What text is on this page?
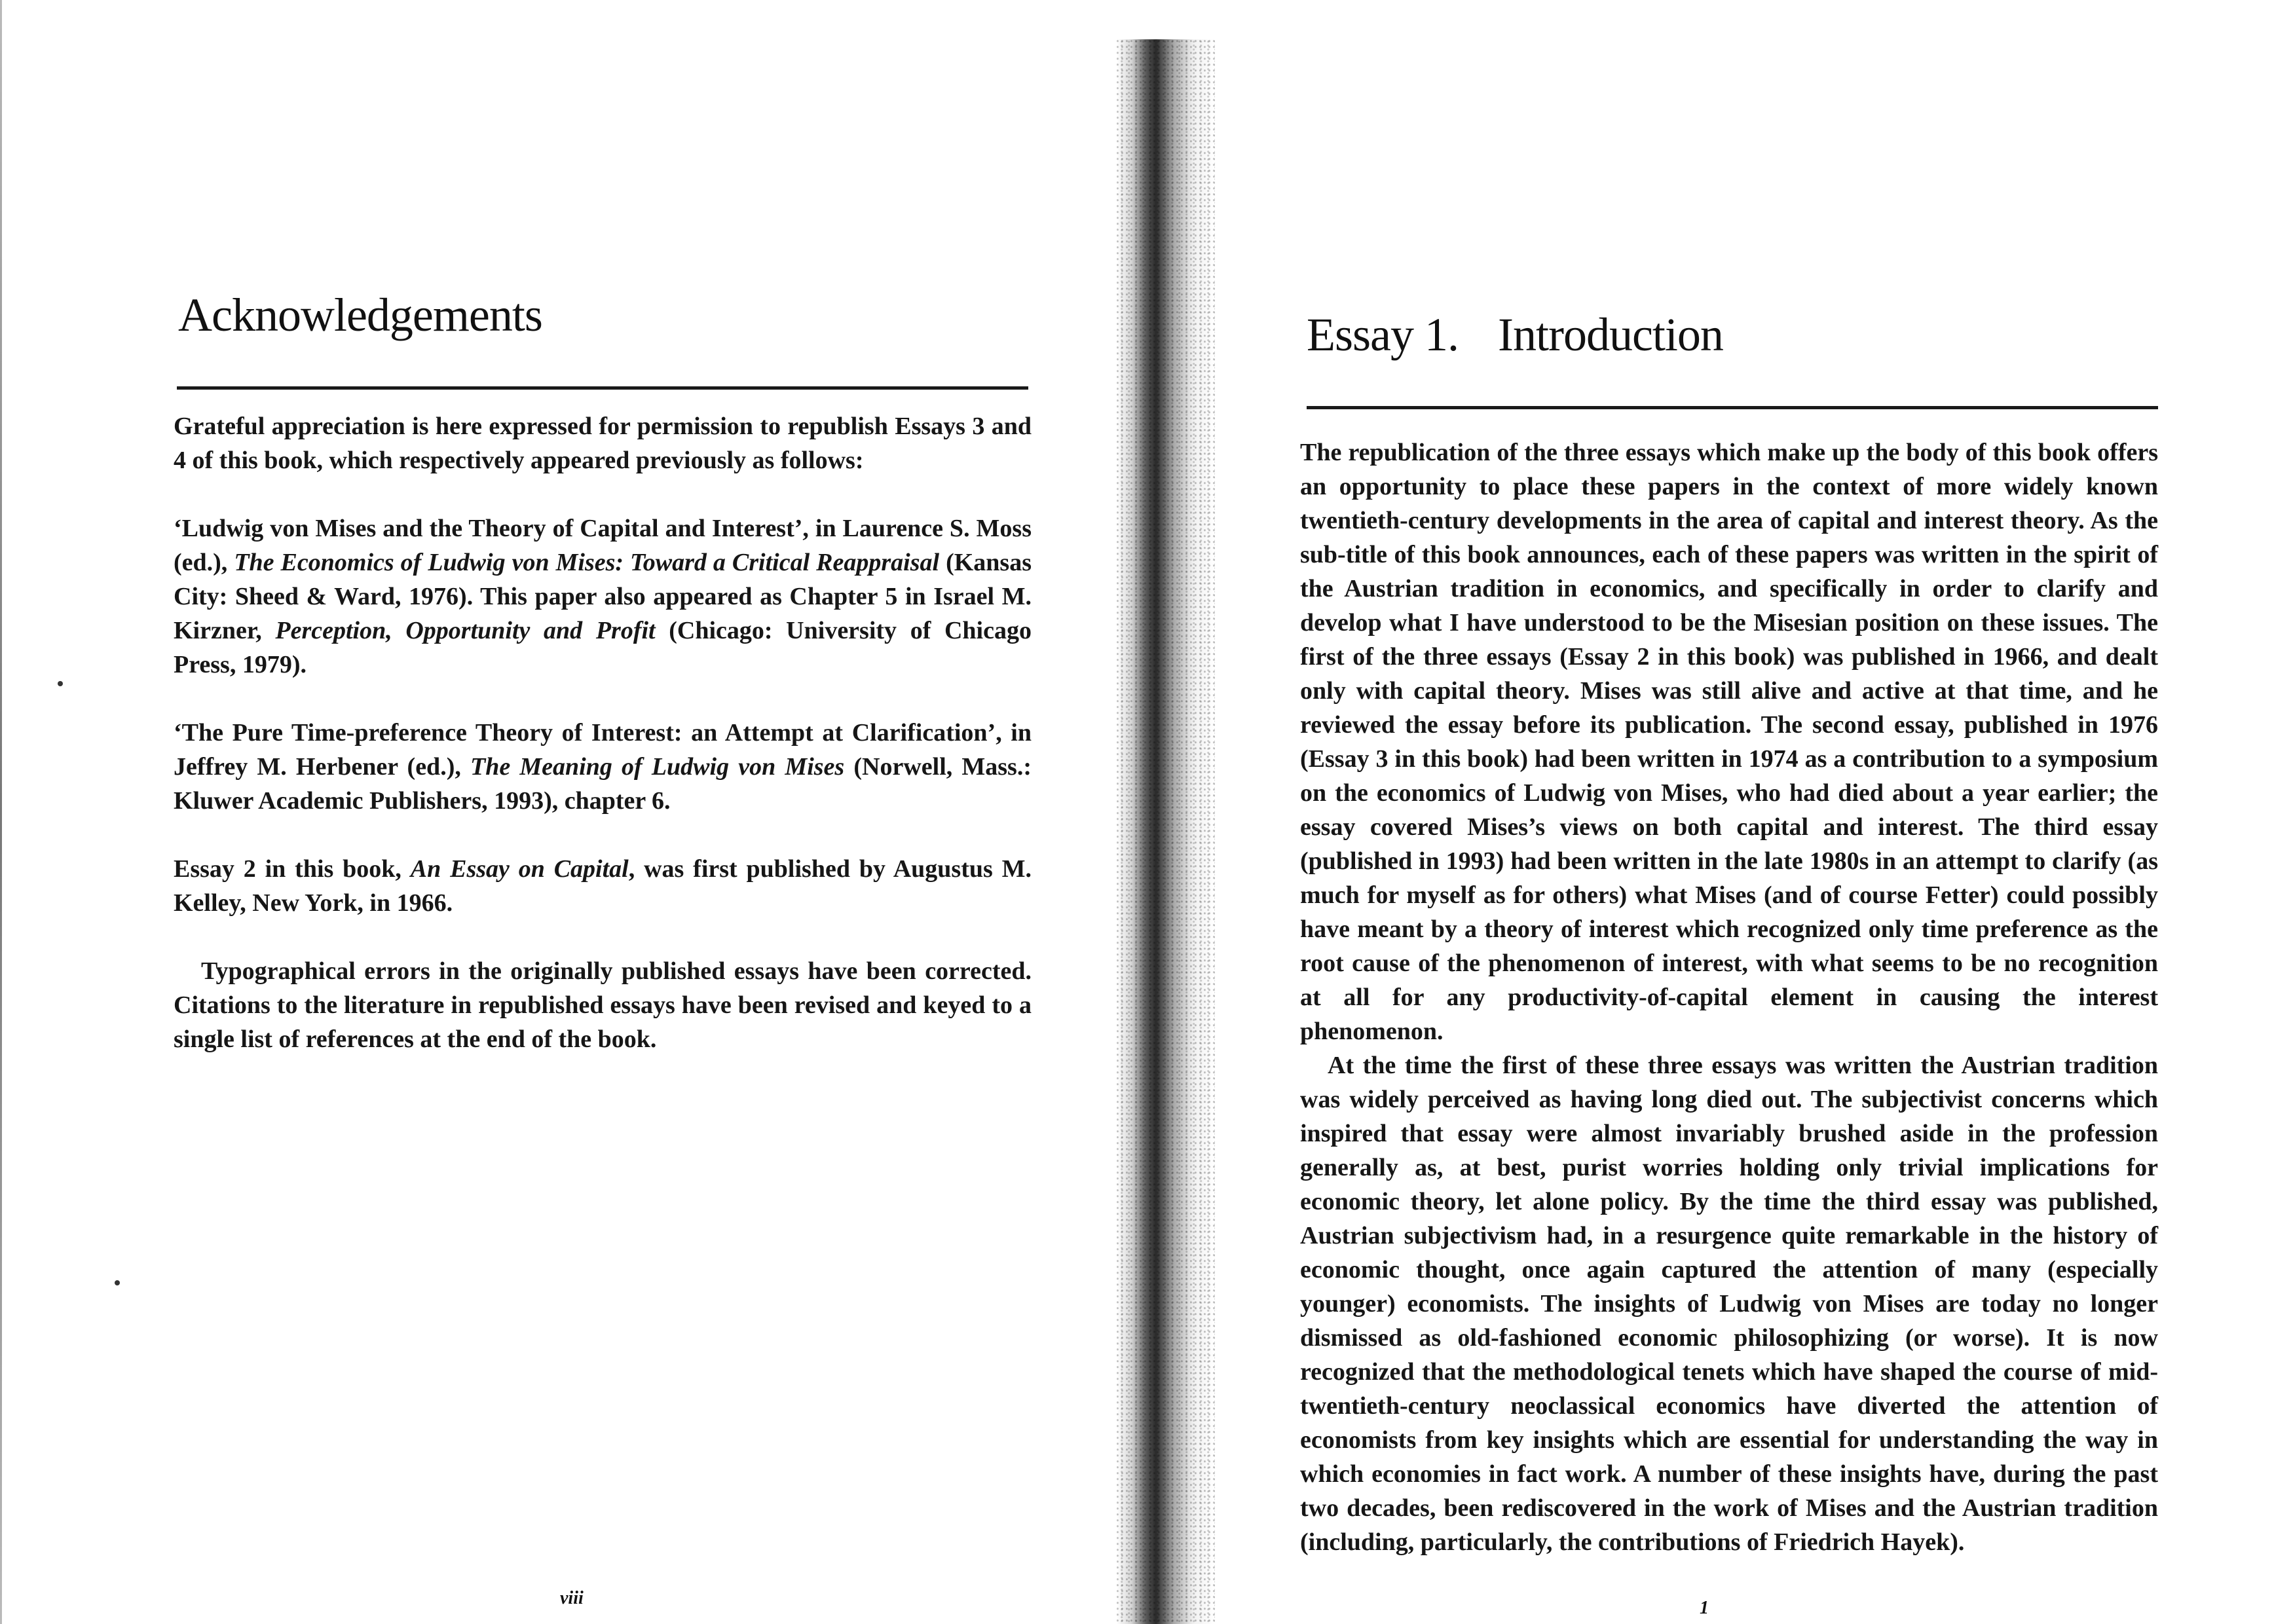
Acknowledgements

Grateful appreciation is here expressed for permission to republish Essays 3 and 4 of this book, which respectively appeared previously as follows:

‘Ludwig von Mises and the Theory of Capital and Interest’, in Laurence S. Moss (ed.), The Economics of Ludwig von Mises: Toward a Critical Reappraisal (Kansas City: Sheed & Ward, 1976). This paper also appeared as Chapter 5 in Israel M. Kirzner, Perception, Opportunity and Profit (Chicago: University of Chicago Press, 1979).

‘The Pure Time-preference Theory of Interest: an Attempt at Clarification’, in Jeffrey M. Herbener (ed.), The Meaning of Ludwig von Mises (Norwell, Mass.: Kluwer Academic Publishers, 1993), chapter 6.

Essay 2 in this book, An Essay on Capital, was first published by Augustus M. Kelley, New York, in 1966.

Typographical errors in the originally published essays have been corrected. Citations to the literature in republished essays have been revised and keyed to a single list of references at the end of the book.

viii
Essay 1. Introduction

The republication of the three essays which make up the body of this book offers an opportunity to place these papers in the context of more widely known twentieth-century developments in the area of capital and interest theory. As the sub-title of this book announces, each of these papers was written in the spirit of the Austrian tradition in economics, and specifically in order to clarify and develop what I have understood to be the Misesian position on these issues. The first of the three essays (Essay 2 in this book) was published in 1966, and dealt only with capital theory. Mises was still alive and active at that time, and he reviewed the essay before its publication. The second essay, published in 1976 (Essay 3 in this book) had been written in 1974 as a contribution to a symposium on the economics of Ludwig von Mises, who had died about a year earlier; the essay covered Mises’s views on both capital and interest. The third essay (published in 1993) had been written in the late 1980s in an attempt to clarify (as much for myself as for others) what Mises (and of course Fetter) could possibly have meant by a theory of interest which recognized only time preference as the root cause of the phenomenon of interest, with what seems to be no recognition at all for any productivity-of-capital element in causing the interest phenomenon.

At the time the first of these three essays was written the Austrian tradition was widely perceived as having long died out. The subjectivist concerns which inspired that essay were almost invariably brushed aside in the profession generally as, at best, purist worries holding only trivial implications for economic theory, let alone policy. By the time the third essay was published, Austrian subjectivism had, in a resurgence quite remarkable in the history of economic thought, once again captured the attention of many (especially younger) economists. The insights of Ludwig von Mises are today no longer dismissed as old-fashioned economic philosophizing (or worse). It is now recognized that the methodological tenets which have shaped the course of mid-twentieth-century neoclassical economics have diverted the attention of economists from key insights which are essential for understanding the way in which economies in fact work. A number of these insights have, during the past two decades, been rediscovered in the work of Mises and the Austrian tradition (including, particularly, the contributions of Friedrich Hayek).

1
